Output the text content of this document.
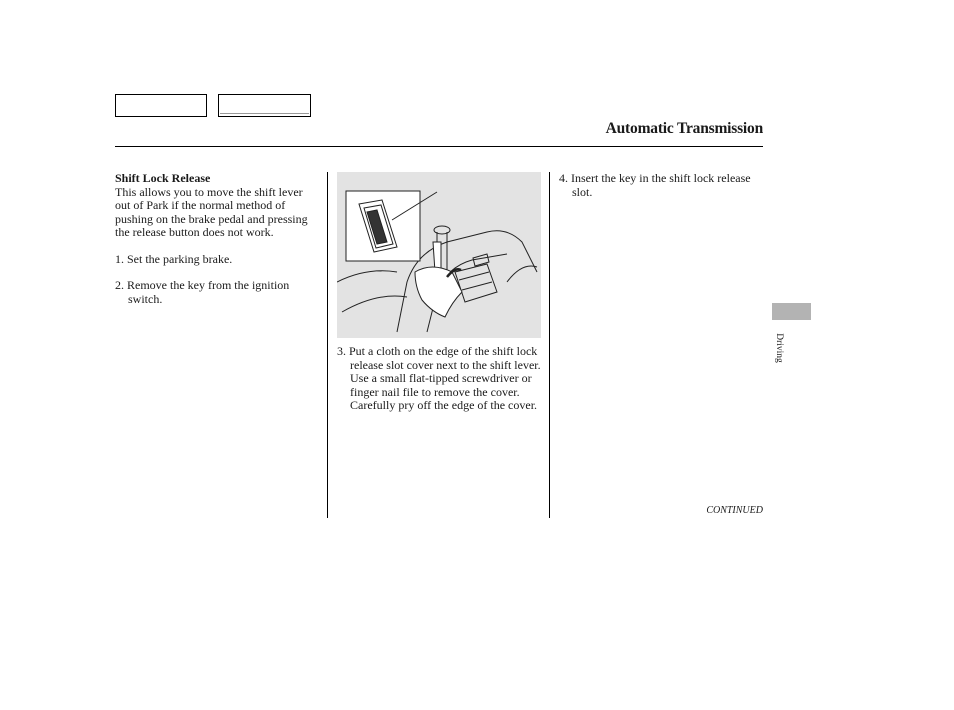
Automatic Transmission
Shift Lock Release
This allows you to move the shift lever out of Park if the normal method of pushing on the brake pedal and pressing the release button does not work.
1. Set the parking brake.
2. Remove the key from the ignition switch.
3. Put a cloth on the edge of the shift lock release slot cover next to the shift lever. Use a small flat-tipped screwdriver or finger nail file to remove the cover. Carefully pry off the edge of the cover.
4. Insert the key in the shift lock release slot.
CONTINUED
Driving
